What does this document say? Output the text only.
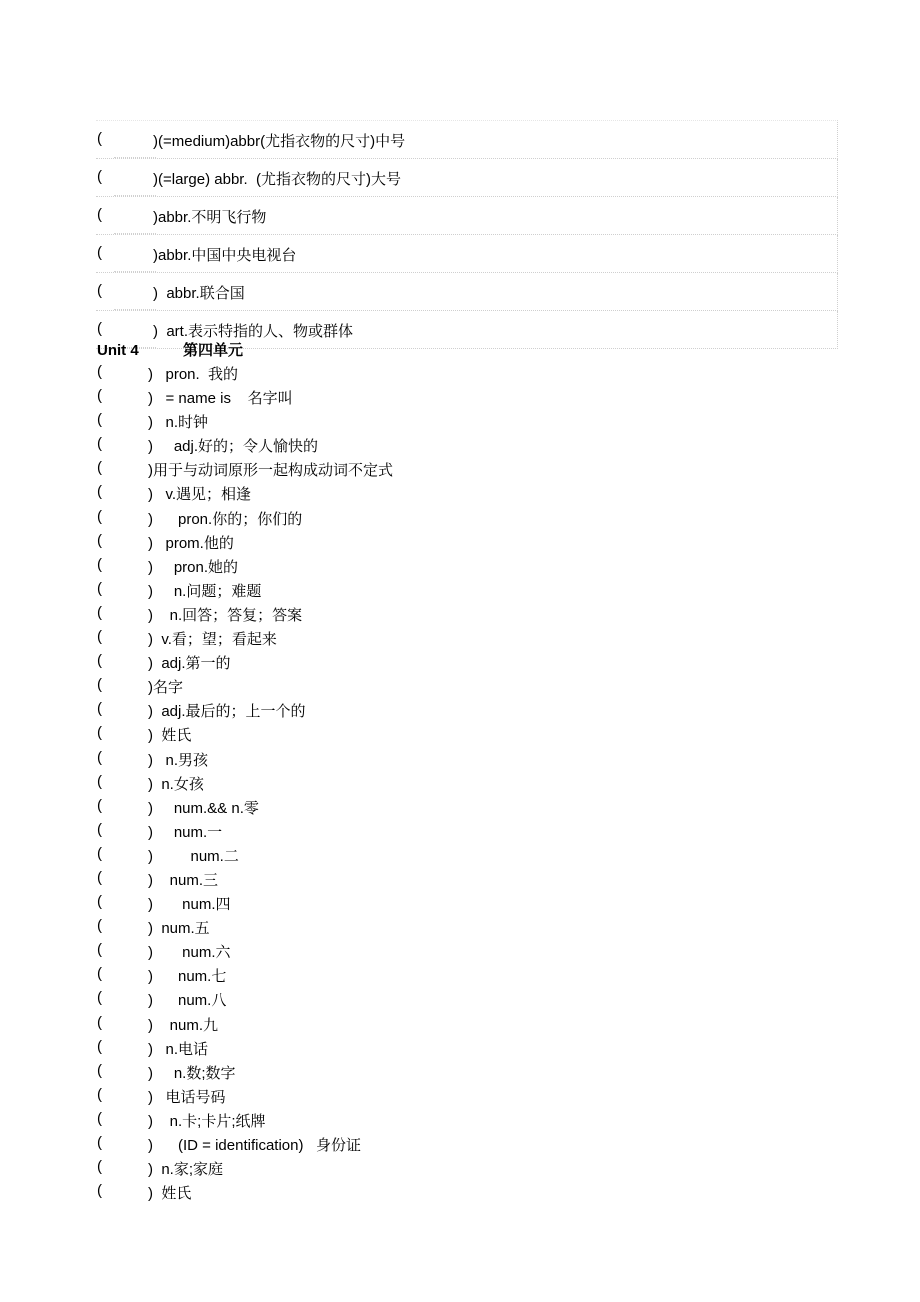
(	)(=medium)abbr(尤指衣物的尺寸)中号
(	)(=large) abbr.  (尤指衣物的尺寸)大号
(	)abbr.不明飞行物
(	)abbr.中国中央电视台
(	)  abbr.联合国
(	)  art.表示特指的人、物或群体
Unit 4	第四单元
(	)   pron.  我的
(	)   = name is    名字叫
(	)   n.时钟
(	)     adj.好的；令人愉快的
(	)用于与动词原形一起构成动词不定式
(	)   v.遇见；相逢
(	)      pron.你的；你们的
(	)   prom.他的
(	)     pron.她的
(	)     n.问题；难题
(	)    n.回答；答复；答案
(	)  v.看；望；看起来
(	)  adj.第一的
(	)名字
(	)  adj.最后的；上一个的
(	)  姓氏
(	)   n.男孩
(	)  n.女孩
(	)     num.&& n.零
(	)     num.一
(	)         num.二
(	)    num.三
(	)       num.四
(	)  num.五
(	)       num.六
(	)      num.七
(	)      num.八
(	)    num.九
(	)   n.电话
(	)     n.数;数字
(	)   电话号码
(	)    n.卡;卡片;纸牌
(	)      (ID = identification)   身份证
(	)  n.家;家庭
(	)  姓氏
